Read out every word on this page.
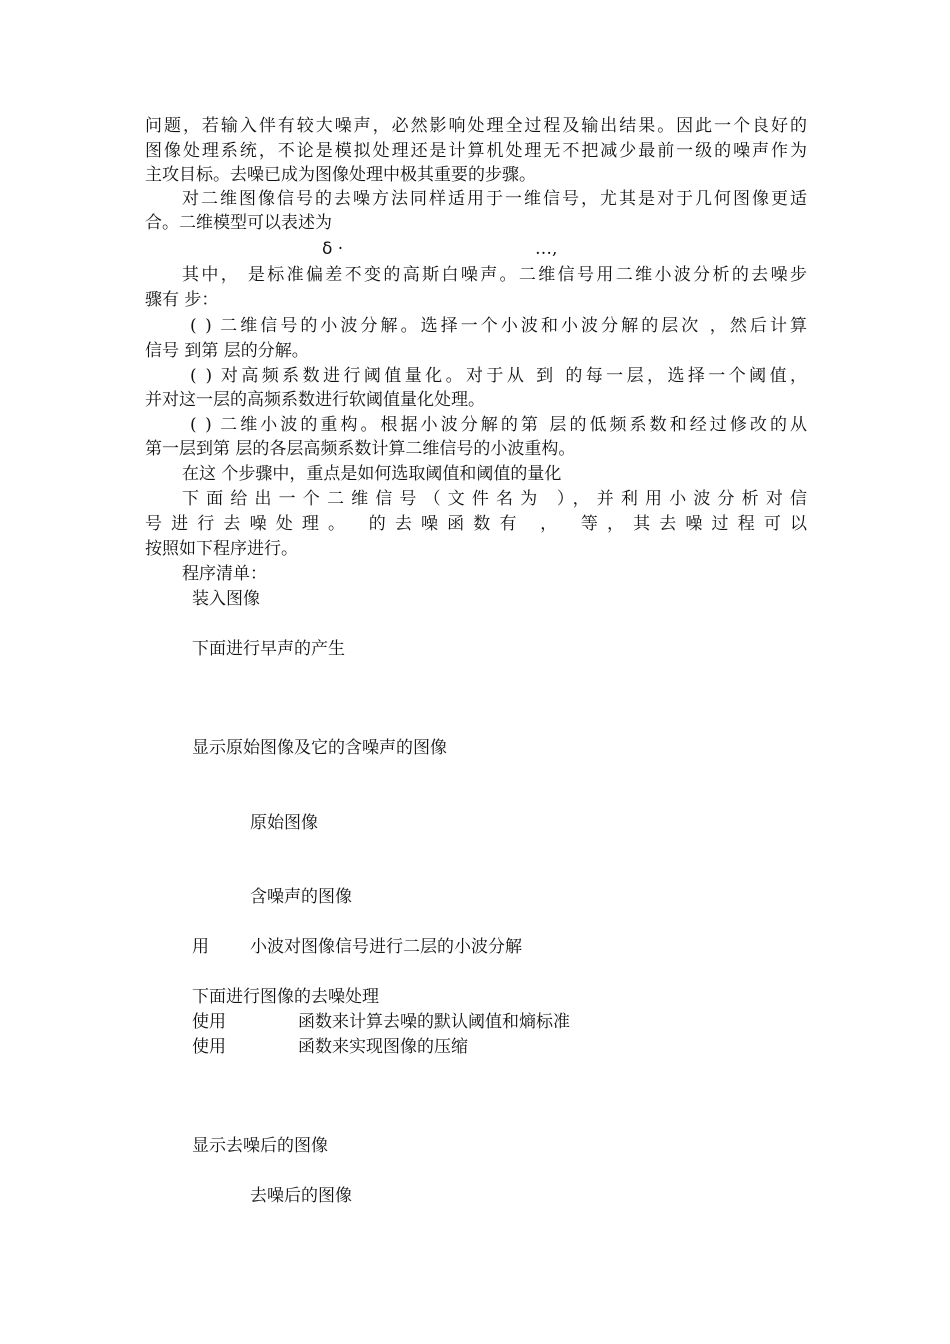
问题，若输入伴有较大噪声，必然影响处理全过程及输出结果。因此一个良好的
图像处理系统，不论是模拟处理还是计算机处理无不把减少最前一级的噪声作为
主攻目标。去噪已成为图像处理中极其重要的步骤。
对二维图像信号的去噪方法同样适用于一维信号，尤其是对于几何图像更适
合。二维模型可以表述为
δ ·	…,
其中， 是标准偏差不变的高斯白噪声。二维信号用二维小波分析的去噪步
骤有 步：
( ) 二维信号的小波分解。选择一个小波和小波分解的层次 ，然后计算
信号 到第 层的分解。
( ) 对高频系数进行阈值量化。对于从 到 的每一层，选择一个阈值，
并对这一层的高频系数进行软阈值量化处理。
( ) 二维小波的重构。根据小波分解的第 层的低频系数和经过修改的从
第一层到第 层的各层高频系数计算二维信号的小波重构。
在这 个步骤中，重点是如何选取阈值和阈值的量化
下面给出一个二维信号（文件名为 ），并利用小波分析对信
号进行去噪处理。 的去噪函数有 ， 等，其去噪过程可以
按照如下程序进行。
程序清单：
装入图像
下面进行早声的产生
显示原始图像及它的含噪声的图像
原始图像
含噪声的图像
用 小波对图像信号进行二层的小波分解
下面进行图像的去噪处理
使用	函数来计算去噪的默认阈值和熵标准
使用	函数来实现图像的压缩
显示去噪后的图像
去噪后的图像
